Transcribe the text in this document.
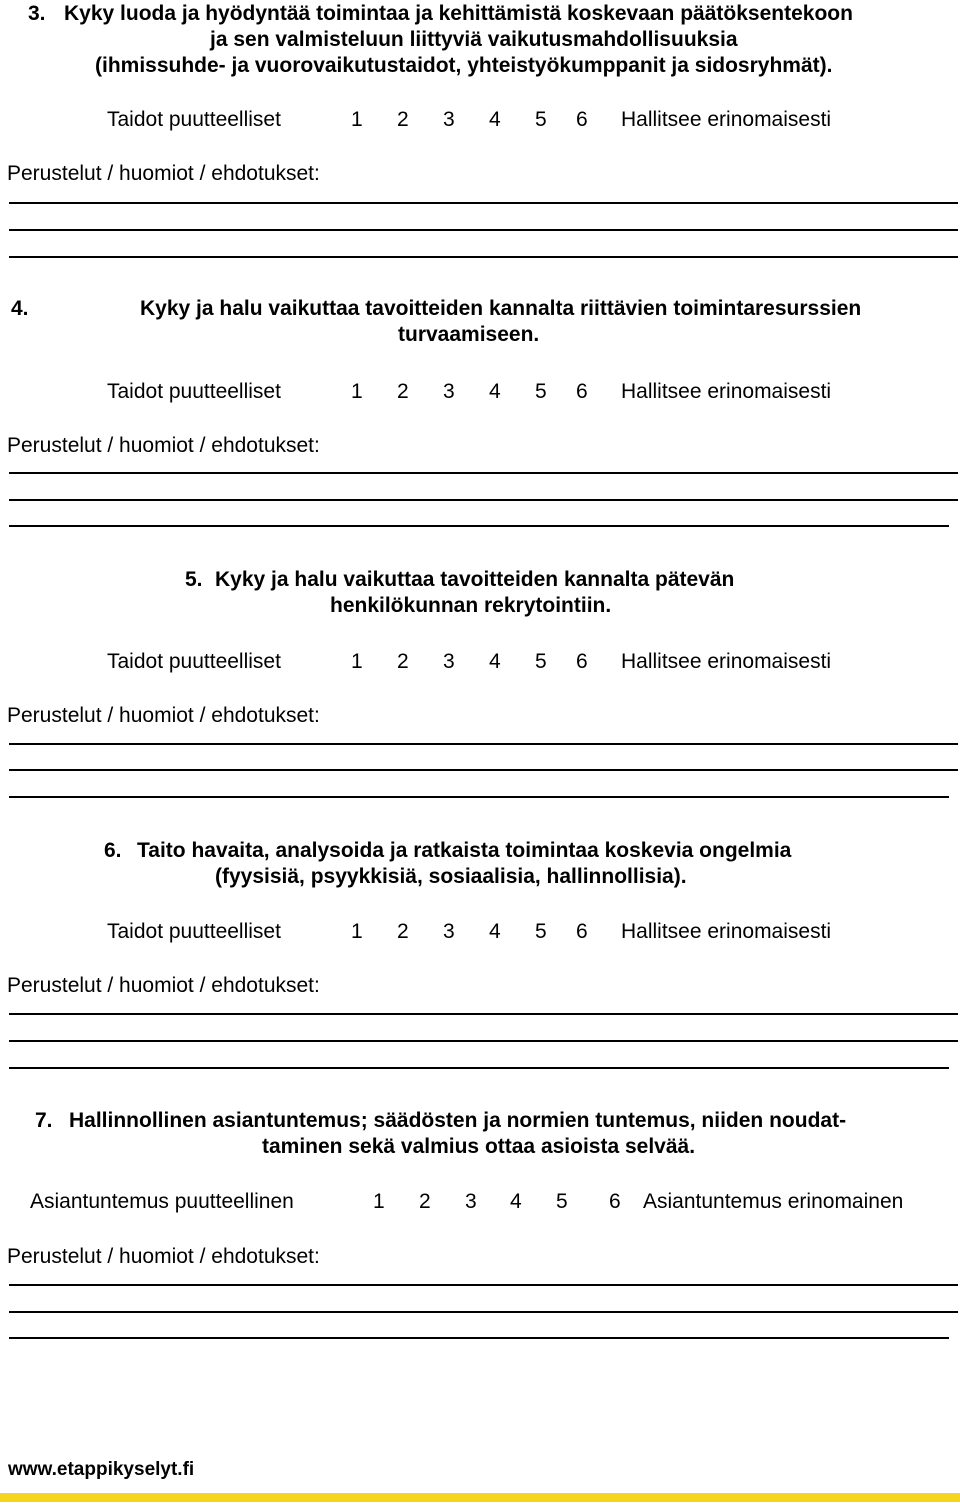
3. Kyky luoda ja hyödyntää toimintaa ja kehittämistä koskevaan päätöksentekoon
ja sen valmisteluun liittyviä vaikutusmahdollisuuksia
(ihmissuhde- ja vuorovaikutustaidot, yhteistyökumppanit ja sidosryhmät).
Taidot puutteelliset	1 2 3 4 5 6 Hallitsee erinomaisesti

Perustelut / huomiot / ehdotukset:

4.	Kyky ja halu vaikuttaa tavoitteiden kannalta riittävien toimintaresurssien
turvaamiseen.
Taidot puutteelliset	1 2 3 4 5 6 Hallitsee erinomaisesti

Perustelut / huomiot / ehdotukset:

5. Kyky ja halu vaikuttaa tavoitteiden kannalta pätevän
henkilökunnan rekrytointiin.
Taidot puutteelliset	1 2 3 4 5 6 Hallitsee erinomaisesti

Perustelut / huomiot / ehdotukset:

6. Taito havaita, analysoida ja ratkaista toimintaa koskevia ongelmia
(fyysisiä, psyykkisiä, sosiaalisia, hallinnollisia).
Taidot puutteelliset	1 2 3 4 5 6 Hallitsee erinomaisesti

Perustelut / huomiot / ehdotukset:

7. Hallinnollinen asiantuntemus; säädösten ja normien tuntemus, niiden noudat-
taminen sekä valmius ottaa asioista selvää.
Asiantuntemus puutteellinen	1 2 3 4 5 6 Asiantuntemus erinomainen

Perustelut / huomiot / ehdotukset:

www.etappikyselyt.fi
